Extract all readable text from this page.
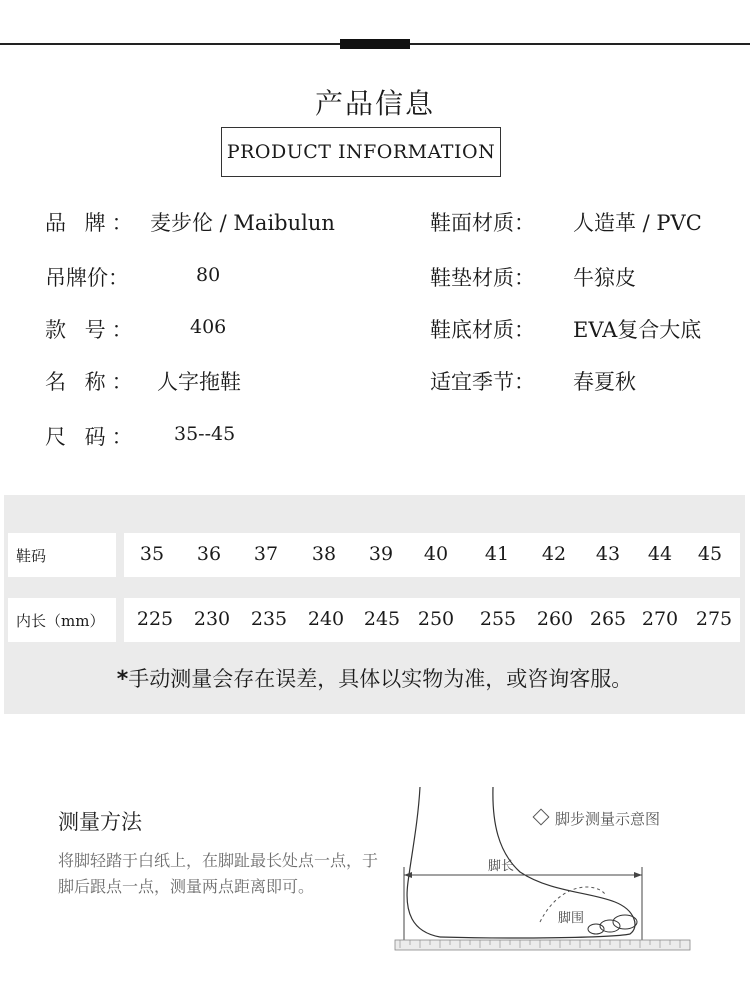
产品信息
PRODUCT INFORMATION
品 牌： 麦步伦 / Maibulun
吊牌价：	80
款 号：	406
名 称： 人字拖鞋
尺 码： 35--45
鞋面材质： 人造革 / PVC
鞋垫材质： 牛猄皮
鞋底材质： EVA复合大底
适宜季节： 春夏秋
鞋码	35 36 37 38 39 40 41 42 43 44 45
内长（mm）	225 230 235 240 245 250 255 260 265 270 275
*手动测量会存在误差，具体以实物为准，或咨询客服。
测量方法
将脚轻踏于白纸上，在脚趾最长处点一点，于脚后跟点一点，测量两点距离即可。
脚步测量示意图
脚长
脚围
